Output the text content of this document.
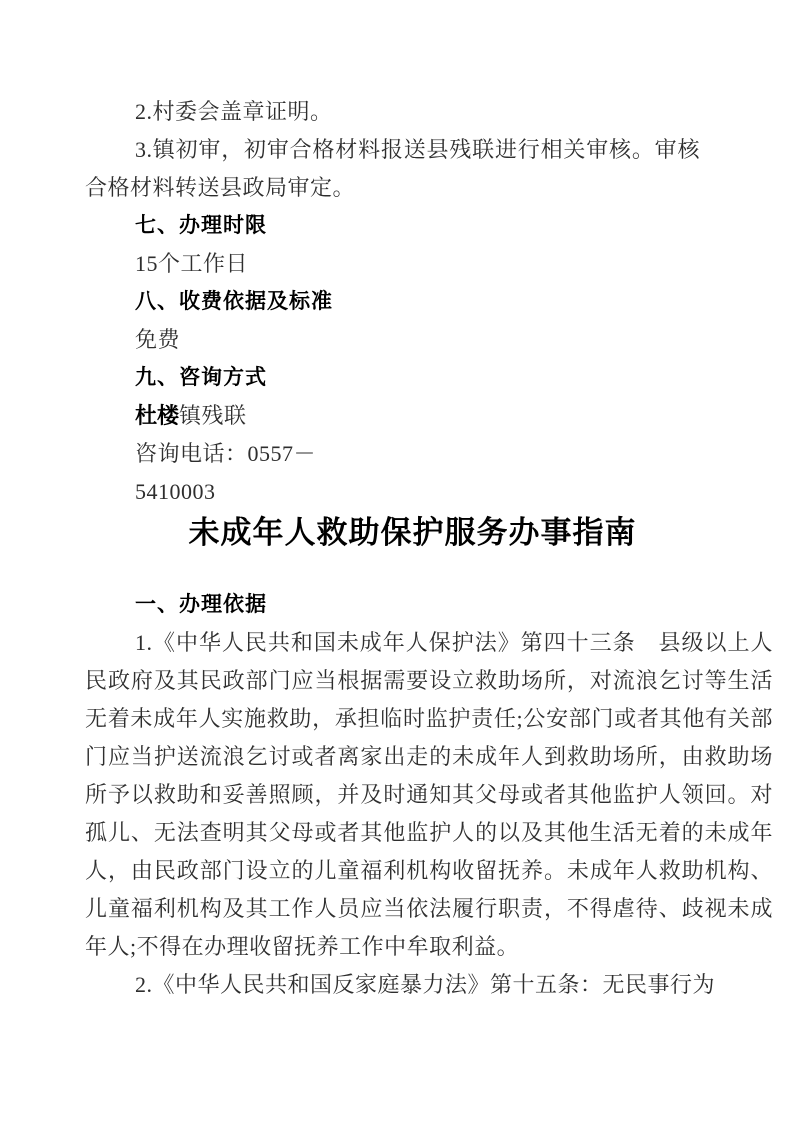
2.村委会盖章证明。

3.镇初审，初审合格材料报送县残联进行相关审核。审核合格材料转送县政局审定。

七、办理时限

15个工作日

八、收费依据及标准

免费

九、咨询方式

杜楼镇残联

咨询电话：0557－

5410003

未成年人救助保护服务办事指南

一、办理依据

1.《中华人民共和国未成年人保护法》第四十三条　县级以上人民政府及其民政部门应当根据需要设立救助场所，对流浪乞讨等生活无着未成年人实施救助，承担临时监护责任;公安部门或者其他有关部门应当护送流浪乞讨或者离家出走的未成年人到救助场所，由救助场所予以救助和妥善照顾，并及时通知其父母或者其他监护人领回。对孤儿、无法查明其父母或者其他监护人的以及其他生活无着的未成年人，由民政部门设立的儿童福利机构收留抚养。未成年人救助机构、儿童福利机构及其工作人员应当依法履行职责，不得虐待、歧视未成年人;不得在办理收留抚养工作中牟取利益。

2.《中华人民共和国反家庭暴力法》第十五条：无民事行为
